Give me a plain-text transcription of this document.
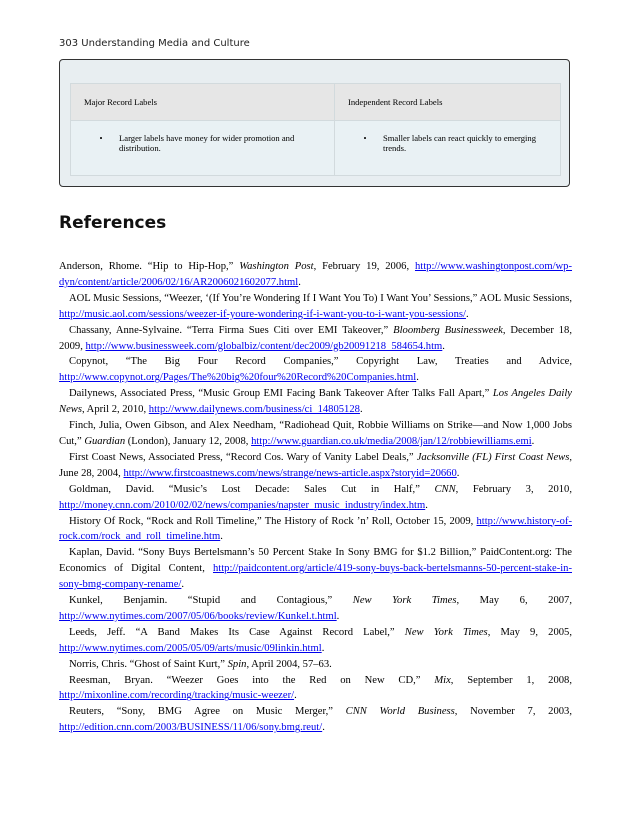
303 Understanding Media and Culture
Major Record Labels	Independent Record Labels

• Larger labels have money for wider promotion and distribution.	• Smaller labels can react quickly to emerging trends.
References

Anderson, Rhome. “Hip to Hip-Hop,” Washington Post, February 19, 2006, http://www.washingtonpost.com/wp-dyn/content/article/2006/02/16/AR2006021602077.html.

AOL Music Sessions, “Weezer, ‘(If You’re Wondering If I Want You To) I Want You’ Sessions,” AOL Music Sessions, http://music.aol.com/sessions/weezer-if-youre-wondering-if-i-want-you-to-i-want-you-sessions/.

Chassany, Anne-Sylvaine. “Terra Firma Sues Citi over EMI Takeover,” Bloomberg Businessweek, December 18, 2009, http://www.businessweek.com/globalbiz/content/dec2009/gb20091218_584654.htm.

Copynot, “The Big Four Record Companies,” Copyright Law, Treaties and Advice, http://www.copynot.org/Pages/The%20big%20four%20Record%20Companies.html.

Dailynews, Associated Press, “Music Group EMI Facing Bank Takeover After Talks Fall Apart,” Los Angeles Daily News, April 2, 2010, http://www.dailynews.com/business/ci_14805128.

Finch, Julia, Owen Gibson, and Alex Needham, “Radiohead Quit, Robbie Williams on Strike—and Now 1,000 Jobs Cut,” Guardian (London), January 12, 2008, http://www.guardian.co.uk/media/2008/jan/12/robbiewilliams.emi.

First Coast News, Associated Press, “Record Cos. Wary of Vanity Label Deals,” Jacksonville (FL) First Coast News, June 28, 2004, http://www.firstcoastnews.com/news/strange/news-article.aspx?storyid=20660.

Goldman, David. “Music’s Lost Decade: Sales Cut in Half,” CNN, February 3, 2010, http://money.cnn.com/2010/02/02/news/companies/napster_music_industry/index.htm.

History Of Rock, “Rock and Roll Timeline,” The History of Rock ’n’ Roll, October 15, 2009, http://www.history-of-rock.com/rock_and_roll_timeline.htm.

Kaplan, David. “Sony Buys Bertelsmann’s 50 Percent Stake In Sony BMG for $1.2 Billion,” PaidContent.org: The Economics of Digital Content, http://paidcontent.org/article/419-sony-buys-back-bertelsmanns-50-percent-stake-in-sony-bmg-company-rename/.

Kunkel, Benjamin. “Stupid and Contagious,” New York Times, May 6, 2007, http://www.nytimes.com/2007/05/06/books/review/Kunkel.t.html.

Leeds, Jeff. “A Band Makes Its Case Against Record Label,” New York Times, May 9, 2005, http://www.nytimes.com/2005/05/09/arts/music/09linkin.html.

Norris, Chris. “Ghost of Saint Kurt,” Spin, April 2004, 57–63.

Reesman, Bryan. “Weezer Goes into the Red on New CD,” Mix, September 1, 2008, http://mixonline.com/recording/tracking/music-weezer/.

Reuters, “Sony, BMG Agree on Music Merger,” CNN World Business, November 7, 2003, http://edition.cnn.com/2003/BUSINESS/11/06/sony.bmg.reut/.
